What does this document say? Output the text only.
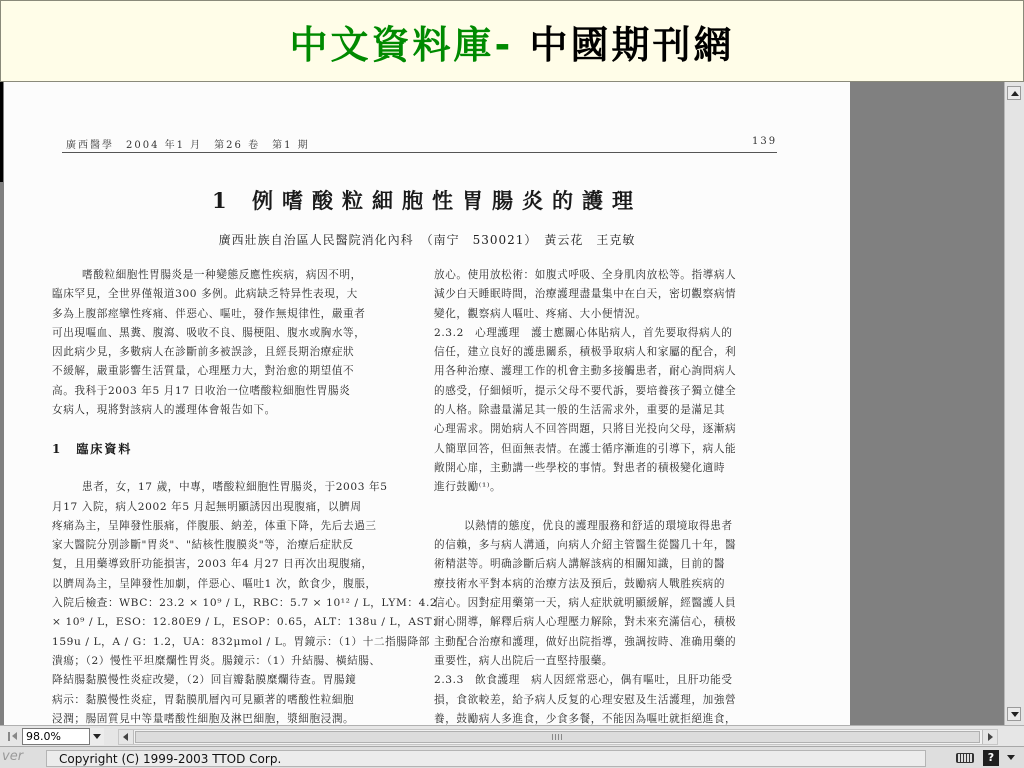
中文資料庫- 中國期刊網
廣西醫學　2004 年1 月　第26 卷　第1 期	139
1 例嗜酸粒細胞性胃腸炎的護理
廣西壯族自治區人民醫院消化內科　（南宁　530021）　黃云花　王克敏
嗜酸粒細胞性胃腸炎是一种變態反應性疾病，病因不明，
臨床罕見，全世界僅報道300 多例。此病缺乏特异性表現，大
多為上腹部痙攣性疼痛、伴惡心、嘔吐，發作無規律性，嚴重者
可出現嘔血、黑糞、腹瀉、吸收不良、腸梗阻、腹水或胸水等，
因此病少見，多數病人在診斷前多被誤診，且經長期治療症狀
不緩解，嚴重影響生活質量，心理壓力大，對治愈的期望值不
高。我科于2003 年5 月17 日收治一位嗜酸粒細胞性胃腸炎
女病人，現將對該病人的護理体會報告如下。
1　臨床資料
患者，女，17 歲，中專，嗜酸粒細胞性胃腸炎，于2003 年5
月17 入院，病人2002 年5 月起無明顯誘因出現腹痛，以臍周
疼痛為主，呈陣發性脹痛，伴腹脹、納差，体重下降，先后去過三
家大醫院分別診斷"胃炎"、"結核性腹膜炎"等，治療后症狀反
复，且用藥導致肝功能損害，2003 年4 月27 日再次出現腹痛，
以臍周為主，呈陣發性加劇，伴惡心、嘔吐1 次，飲食少，腹脹，
入院后檢查：WBC：23.2 × 10⁹ / L，RBC：5.7 × 10¹² / L，LYM：4.2
× 10⁹ / L，ESO：12.80E9 / L，ESOP：0.65，ALT：138u / L，AST：
159u / L，A / G：1.2，UA：832μmol / L。胃鏡示：（1）十二指腸降部
潰瘍；（2）慢性平坦糜爛性胃炎。腸鏡示：（1）升結腸、橫結腸、
降結腸黏膜慢性炎症改變，（2）回盲瓣黏膜糜爛待查。胃腸鏡
病示：黏膜慢性炎症，胃黏膜肌層內可見顯著的嗜酸性粒細胞
浸潤；腸固質見中等量嗜酸性細胞及淋巴細胞，漿細胞浸潤。
放心。使用放松術：如腹式呼吸、全身肌肉放松等。指導病人
減少白天睡眠時間，治療護理盡量集中在白天，密切觀察病情
變化，觀察病人嘔吐、疼痛、大小便情況。
2.3.2　心理護理　護士應關心体貼病人，首先要取得病人的
信任，建立良好的護患關系，積极爭取病人和家屬的配合，利
用各种治療、護理工作的机會主動多接觸患者，耐心詢問病人
的感受，仔細傾听，提示父母不要代訴，要培養孩子獨立健全
的人格。除盡量滿足其一般的生活需求外，重要的是滿足其
心理需求。開始病人不回答問題，只將目光投向父母，逐漸病
人簡單回答，但面無表情。在護士循序漸進的引導下，病人能
敞開心扉，主動講一些學校的事情。對患者的積极變化適時
進行鼓勵⁽¹⁾。
以熱情的態度，优良的護理服務和舒适的環境取得患者
的信賴，多与病人溝通，向病人介紹主管醫生從醫几十年，醫
術精湛等。明确診斷后病人講解該病的相關知識，目前的醫
療技術水平對本病的治療方法及預后，鼓勵病人戰胜疾病的
信心。因對症用藥第一天，病人症狀就明顯緩解，經醫護人員
耐心開導，解釋后病人心理壓力解除，對未來充滿信心，積极
主動配合治療和護理，做好出院指導，強調按時、准确用藥的
重要性，病人出院后一直堅持服藥。
2.3.3　飲食護理　病人因經常惡心，偶有嘔吐，且肝功能受
損，食欲較差，給予病人反复的心理安慰及生活護理，加強營
養，鼓勵病人多進食，少食多餐，不能因為嘔吐就拒絕進食，
98.0%
ver	Copyright (C) 1999-2003 TTOD Corp.	?
